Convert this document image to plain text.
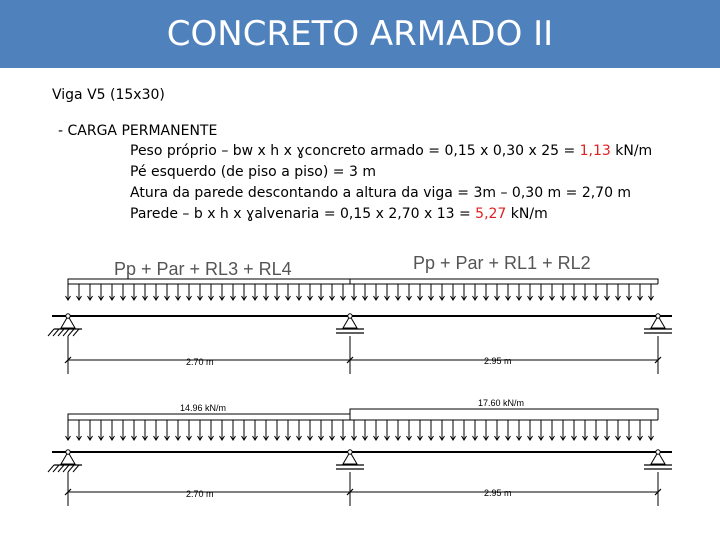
CONCRETO ARMADO II
Viga V5 (15x30)
- CARGA PERMANENTE
Peso próprio – bw x h x ɣconcreto armado = 0,15 x 0,30 x 25 = 1,13 kN/m
Pé esquerdo (de piso a piso) = 3 m
Atura da parede descontando a altura da viga = 3m – 0,30 m = 2,70 m
Parede – b x h x ɣalvenaria = 0,15 x 2,70 x 13 = 5,27 kN/m
Pp + Par + RL3 + RL4	Pp + Par + RL1 + RL2
2.70 m	2.95 m
14.96 kN/m	17.60 kN/m
2.70 m	2.95 m
